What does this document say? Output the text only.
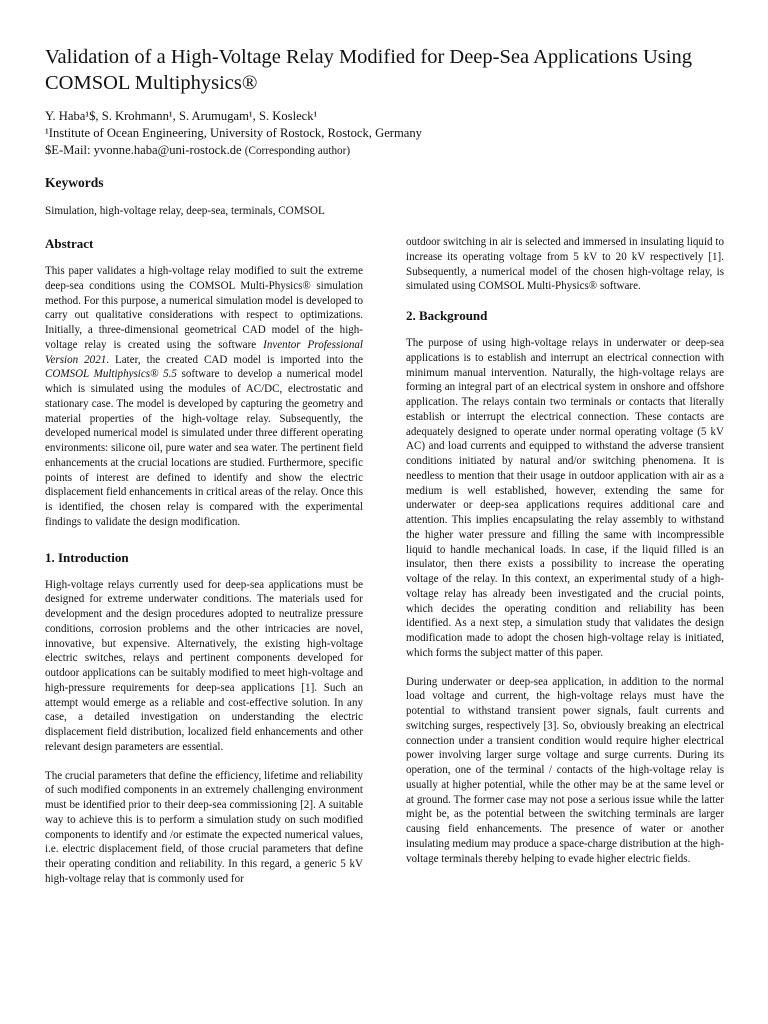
Validation of a High-Voltage Relay Modified for Deep-Sea Applications Using COMSOL Multiphysics®
Y. Haba¹$, S. Krohmann¹, S. Arumugam¹, S. Kosleck¹
¹Institute of Ocean Engineering, University of Rostock, Rostock, Germany
$E-Mail: yvonne.haba@uni-rostock.de (Corresponding author)
Keywords

Simulation, high-voltage relay, deep-sea, terminals, COMSOL

Abstract

This paper validates a high-voltage relay modified to suit the extreme deep-sea conditions using the COMSOL Multi-Physics® simulation method. For this purpose, a numerical simulation model is developed to carry out qualitative considerations with respect to optimizations. Initially, a three-dimensional geometrical CAD model of the high-voltage relay is created using the software Inventor Professional Version 2021. Later, the created CAD model is imported into the COMSOL Multiphysics® 5.5 software to develop a numerical model which is simulated using the modules of AC/DC, electrostatic and stationary case. The model is developed by capturing the geometry and material properties of the high-voltage relay. Subsequently, the developed numerical model is simulated under three different operating environments: silicone oil, pure water and sea water. The pertinent field enhancements at the crucial locations are studied. Furthermore, specific points of interest are defined to identify and show the electric displacement field enhancements in critical areas of the relay. Once this is identified, the chosen relay is compared with the experimental findings to validate the design modification.

1. Introduction

High-voltage relays currently used for deep-sea applications must be designed for extreme underwater conditions. The materials used for development and the design procedures adopted to neutralize pressure conditions, corrosion problems and the other intricacies are novel, innovative, but expensive. Alternatively, the existing high-voltage electric switches, relays and pertinent components developed for outdoor applications can be suitably modified to meet high-voltage and high-pressure requirements for deep-sea applications [1]. Such an attempt would emerge as a reliable and cost-effective solution. In any case, a detailed investigation on understanding the electric displacement field distribution, localized field enhancements and other relevant design parameters are essential.

The crucial parameters that define the efficiency, lifetime and reliability of such modified components in an extremely challenging environment must be identified prior to their deep-sea commissioning [2]. A suitable way to achieve this is to perform a simulation study on such modified components to identify and /or estimate the expected numerical values, i.e. electric displacement field, of those crucial parameters that define their operating condition and reliability. In this regard, a generic 5 kV high-voltage relay that is commonly used for

outdoor switching in air is selected and immersed in insulating liquid to increase its operating voltage from 5 kV to 20 kV respectively [1]. Subsequently, a numerical model of the chosen high-voltage relay, is simulated using COMSOL Multi-Physics® software.

2. Background

The purpose of using high-voltage relays in underwater or deep-sea applications is to establish and interrupt an electrical connection with minimum manual intervention. Naturally, the high-voltage relays are forming an integral part of an electrical system in onshore and offshore application. The relays contain two terminals or contacts that literally establish or interrupt the electrical connection. These contacts are adequately designed to operate under normal operating voltage (5 kV AC) and load currents and equipped to withstand the adverse transient conditions initiated by natural and/or switching phenomena. It is needless to mention that their usage in outdoor application with air as a medium is well established, however, extending the same for underwater or deep-sea applications requires additional care and attention. This implies encapsulating the relay assembly to withstand the higher water pressure and filling the same with incompressible liquid to handle mechanical loads. In case, if the liquid filled is an insulator, then there exists a possibility to increase the operating voltage of the relay. In this context, an experimental study of a high-voltage relay has already been investigated and the crucial points, which decides the operating condition and reliability has been identified. As a next step, a simulation study that validates the design modification made to adopt the chosen high-voltage relay is initiated, which forms the subject matter of this paper.

During underwater or deep-sea application, in addition to the normal load voltage and current, the high-voltage relays must have the potential to withstand transient power signals, fault currents and switching surges, respectively [3]. So, obviously breaking an electrical connection under a transient condition would require higher electrical power involving larger surge voltage and surge currents. During its operation, one of the terminal / contacts of the high-voltage relay is usually at higher potential, while the other may be at the same level or at ground. The former case may not pose a serious issue while the latter might be, as the potential between the switching terminals are larger causing field enhancements. The presence of water or another insulating medium may produce a space-charge distribution at the high-voltage terminals thereby helping to evade higher electric fields.
